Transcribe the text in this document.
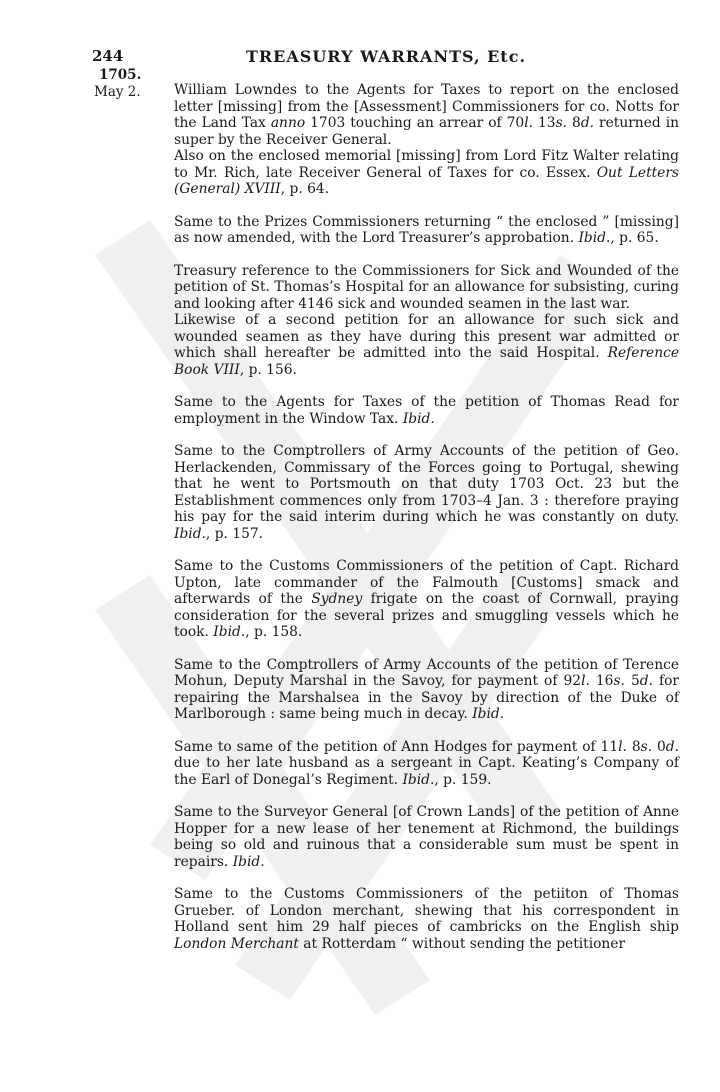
244	TREASURY WARRANTS, Etc.
1705.
May 2. William Lowndes to the Agents for Taxes to report on the enclosed letter [missing] from the [Assessment] Commissioners for co. Notts for the Land Tax anno 1703 touching an arrear of 70l. 13s. 8d. returned in super by the Receiver General.

Also on the enclosed memorial [missing] from Lord Fitz Walter relating to Mr. Rich, late Receiver General of Taxes for co. Essex. Out Letters (General) XVIII, p. 64.

Same to the Prizes Commissioners returning “ the enclosed ” [missing] as now amended, with the Lord Treasurer’s approbation. Ibid., p. 65.

Treasury reference to the Commissioners for Sick and Wounded of the petition of St. Thomas’s Hospital for an allowance for subsisting, curing and looking after 4146 sick and wounded seamen in the last war.

Likewise of a second petition for an allowance for such sick and wounded seamen as they have during this present war admitted or which shall hereafter be admitted into the said Hospital. Reference Book VIII, p. 156.

Same to the Agents for Taxes of the petition of Thomas Read for employment in the Window Tax. Ibid.

Same to the Comptrollers of Army Accounts of the petition of Geo. Herlackenden, Commissary of the Forces going to Portugal, shewing that he went to Portsmouth on that duty 1703 Oct. 23 but the Establishment commences only from 1703–4 Jan. 3 : therefore praying his pay for the said interim during which he was constantly on duty. Ibid., p. 157.

Same to the Customs Commissioners of the petition of Capt. Richard Upton, late commander of the Falmouth [Customs] smack and afterwards of the Sydney frigate on the coast of Cornwall, praying consideration for the several prizes and smuggling vessels which he took. Ibid., p. 158.

Same to the Comptrollers of Army Accounts of the petition of Terence Mohun, Deputy Marshal in the Savoy, for payment of 92l. 16s. 5d. for repairing the Marshalsea in the Savoy by direction of the Duke of Marlborough : same being much in decay. Ibid.

Same to same of the petition of Ann Hodges for payment of 11l. 8s. 0d. due to her late husband as a sergeant in Capt. Keating’s Company of the Earl of Donegal’s Regiment. Ibid., p. 159.

Same to the Surveyor General [of Crown Lands] of the petition of Anne Hopper for a new lease of her tenement at Richmond, the buildings being so old and ruinous that a considerable sum must be spent in repairs. Ibid.

Same to the Customs Commissioners of the petiiton of Thomas Grueber. of London merchant, shewing that his correspondent in Holland sent him 29 half pieces of cambricks on the English ship London Merchant at Rotterdam “ without sending the petitioner
